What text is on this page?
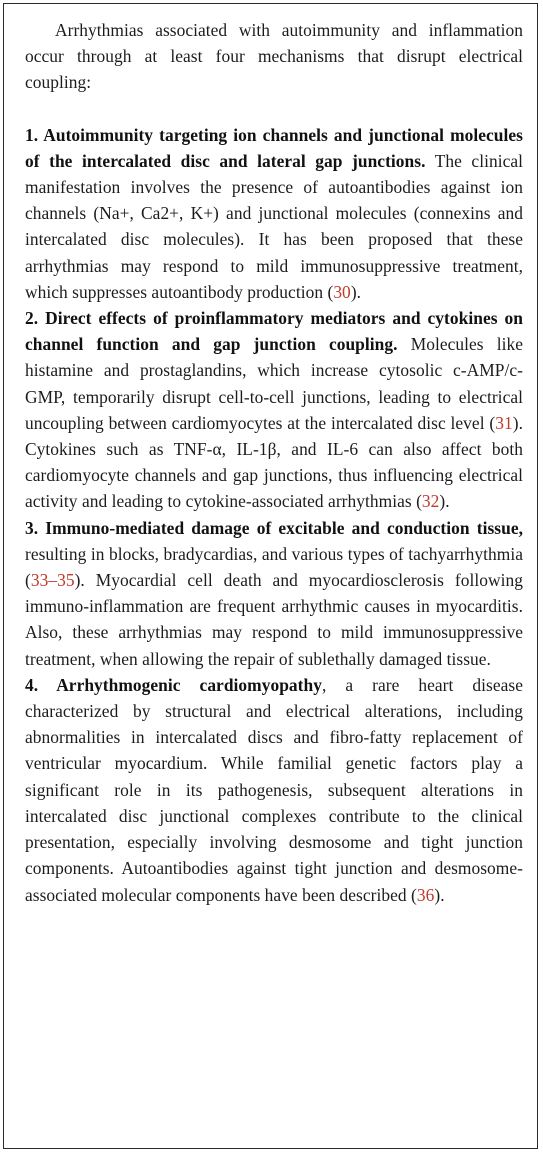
Arrhythmias associated with autoimmunity and inflammation occur through at least four mechanisms that disrupt electrical coupling:

1. Autoimmunity targeting ion channels and junctional molecules of the intercalated disc and lateral gap junctions. The clinical manifestation involves the presence of autoantibodies against ion channels (Na+, Ca2+, K+) and junctional molecules (connexins and intercalated disc molecules). It has been proposed that these arrhythmias may respond to mild immunosuppressive treatment, which suppresses autoantibody production (30).

2. Direct effects of proinflammatory mediators and cytokines on channel function and gap junction coupling. Molecules like histamine and prostaglandins, which increase cytosolic c-AMP/c-GMP, temporarily disrupt cell-to-cell junctions, leading to electrical uncoupling between cardiomyocytes at the intercalated disc level (31). Cytokines such as TNF-α, IL-1β, and IL-6 can also affect both cardiomyocyte channels and gap junctions, thus influencing electrical activity and leading to cytokine-associated arrhythmias (32).

3. Immuno-mediated damage of excitable and conduction tissue, resulting in blocks, bradycardias, and various types of tachyarrhythmia (33–35). Myocardial cell death and myocardiosclerosis following immuno-inflammation are frequent arrhythmic causes in myocarditis. Also, these arrhythmias may respond to mild immunosuppressive treatment, when allowing the repair of sublethally damaged tissue.

4. Arrhythmogenic cardiomyopathy, a rare heart disease characterized by structural and electrical alterations, including abnormalities in intercalated discs and fibro-fatty replacement of ventricular myocardium. While familial genetic factors play a significant role in its pathogenesis, subsequent alterations in intercalated disc junctional complexes contribute to the clinical presentation, especially involving desmosome and tight junction components. Autoantibodies against tight junction and desmosome-associated molecular components have been described (36).
